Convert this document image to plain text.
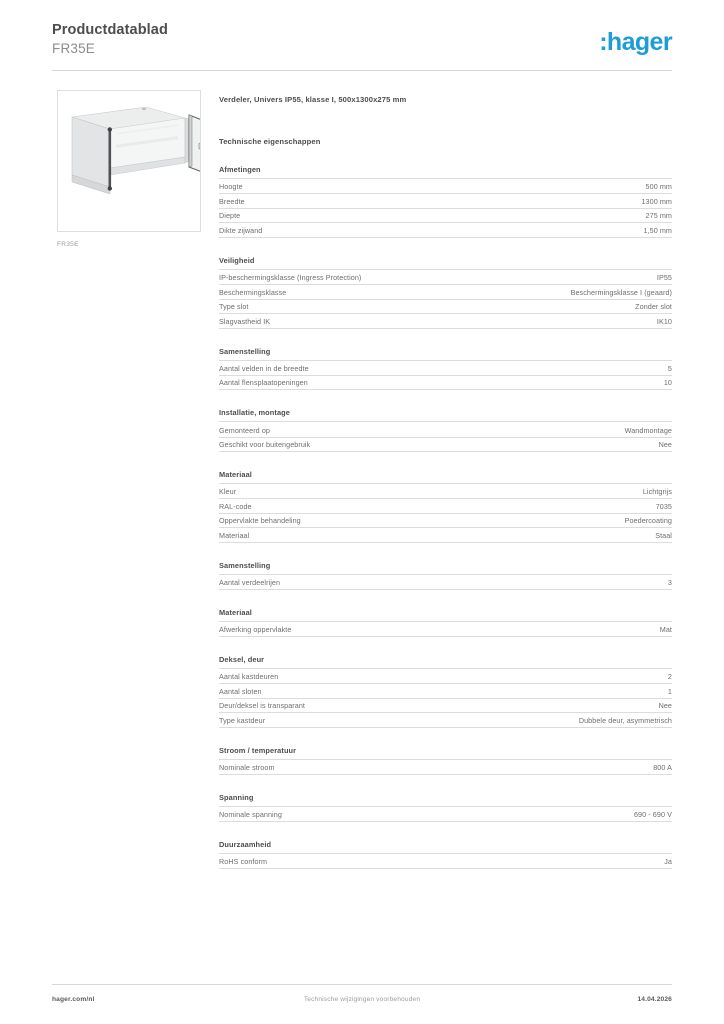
Productdatablad
FR35E	:hager
FR35E
Verdeler, Univers IP55, klasse I, 500x1300x275 mm
Technische eigenschappen
Afmetingen
Hoogte	500 mm
Breedte	1300 mm
Diepte	275 mm
Dikte zijwand	1,50 mm
Veiligheid
IP-beschermingsklasse (Ingress Protection)	IP55
Beschermingsklasse	Beschermingsklasse I (geaard)
Type slot	Zonder slot
Slagvastheid IK	IK10
Samenstelling
Aantal velden in de breedte	5
Aantal flensplaatopeningen	10
Installatie, montage
Gemonteerd op	Wandmontage
Geschikt voor buitengebruik	Nee
Materiaal
Kleur	Lichtgrijs
RAL-code	7035
Oppervlakte behandeling	Poedercoating
Materiaal	Staal
Samenstelling
Aantal verdeelrijen	3
Materiaal
Afwerking oppervlakte	Mat
Deksel, deur
Aantal kastdeuren	2
Aantal sloten	1
Deur/deksel is transparant	Nee
Type kastdeur	Dubbele deur, asymmetrisch
Stroom / temperatuur
Nominale stroom	800 A
Spanning
Nominale spanning	690 - 690 V
Duurzaamheid
RoHS conform	Ja
hager.com/nl	Technische wijzigingen voorbehouden	14.04.2026
